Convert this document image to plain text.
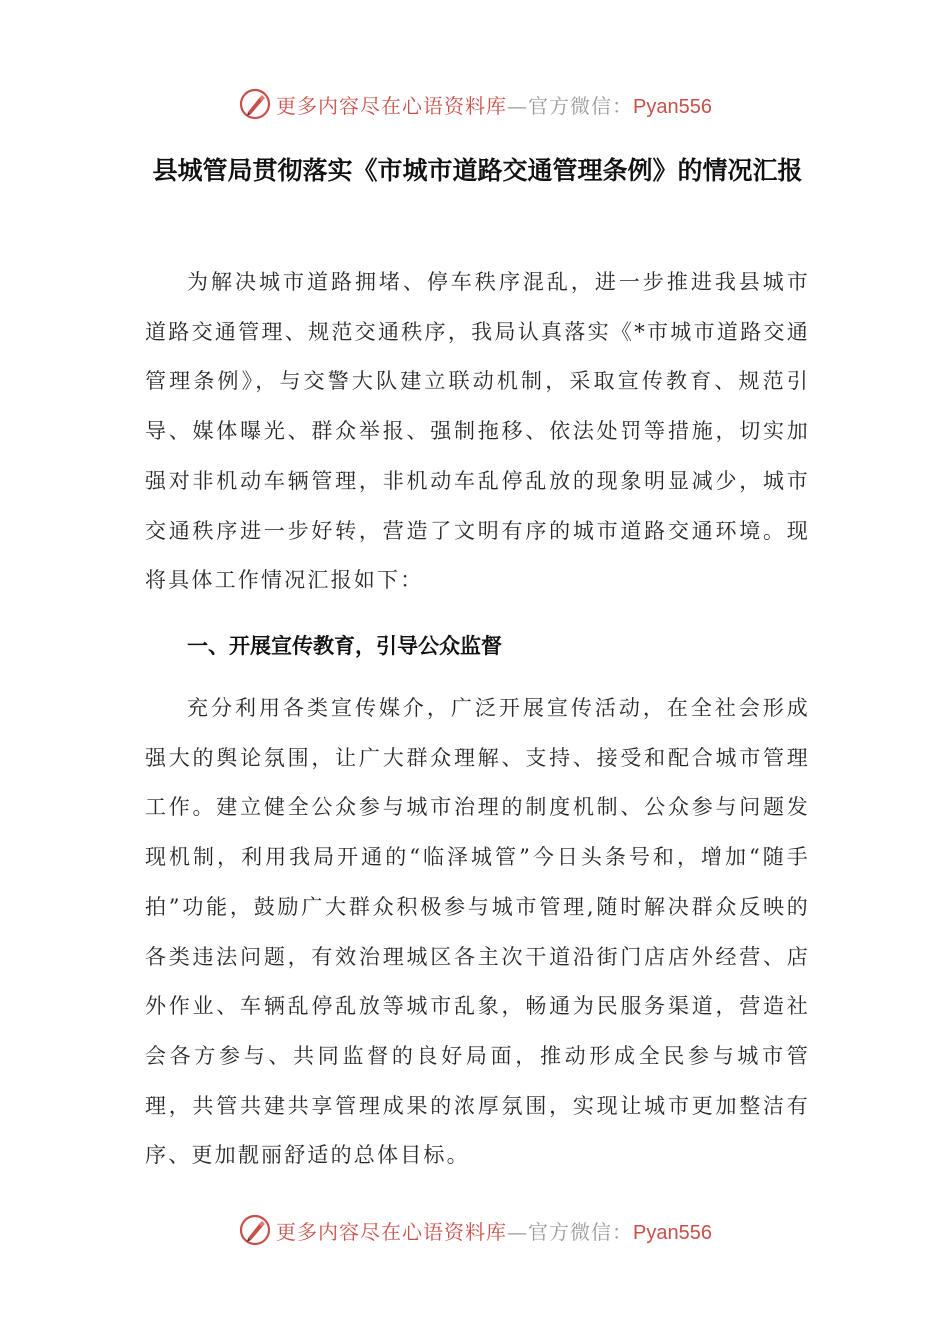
更多内容尽在心语资料库—官方微信：Pyan556
县城管局贯彻落实《市城市道路交通管理条例》的情况汇报

为解决城市道路拥堵、停车秩序混乱，进一步推进我县城市道路交通管理、规范交通秩序，我局认真落实《*市城市道路交通管理条例》，与交警大队建立联动机制，采取宣传教育、规范引导、媒体曝光、群众举报、强制拖移、依法处罚等措施，切实加强对非机动车辆管理，非机动车乱停乱放的现象明显减少，城市交通秩序进一步好转，营造了文明有序的城市道路交通环境。现将具体工作情况汇报如下：

一、开展宣传教育，引导公众监督

充分利用各类宣传媒介，广泛开展宣传活动，在全社会形成强大的舆论氛围，让广大群众理解、支持、接受和配合城市管理工作。建立健全公众参与城市治理的制度机制、公众参与问题发现机制，利用我局开通的“临泽城管”今日头条号和，增加“随手拍”功能，鼓励广大群众积极参与城市管理,随时解决群众反映的各类违法问题，有效治理城区各主次干道沿街门店店外经营、店外作业、车辆乱停乱放等城市乱象，畅通为民服务渠道，营造社会各方参与、共同监督的良好局面，推动形成全民参与城市管理，共管共建共享管理成果的浓厚氛围，实现让城市更加整洁有序、更加靓丽舒适的总体目标。

更多内容尽在心语资料库—官方微信：Pyan556
